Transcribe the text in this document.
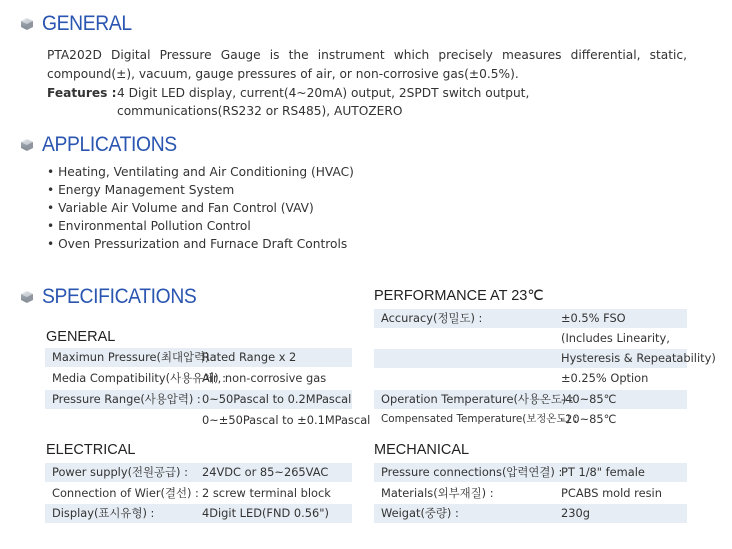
GENERAL
PTA202D Digital Pressure Gauge is the instrument which precisely measures differential, static,
compound(±), vacuum, gauge pressures of air, or non-corrosive gas(±0.5%).
Features : 4 Digit LED display, current(4~20mA) output, 2SPDT switch output,
communications(RS232 or RS485), AUTOZERO
APPLICATIONS
• Heating, Ventilating and Air Conditioning (HVAC)
• Energy Management System
• Variable Air Volume and Fan Control (VAV)
• Environmental Pollution Control
• Oven Pressurization and Furnace Draft Controls
SPECIFICATIONS
GENERAL
Maximun Pressure(최대압력) :
Rated Range x 2
Media Compatibility(사용유체) :
Air, non-corrosive gas
Pressure Range(사용압력) : 0~50Pascal to 0.2MPascal
0~±50Pascal to ±0.1MPascal
ELECTRICAL
Power supply(전원공급) : 24VDC or 85~265VAC
Connection of Wier(결선) : 2 screw terminal block
Display(표시유형) :	4Digit LED(FND 0.56")
PERFORMANCE AT 23℃
Accuracy(정밀도) :	±0.5% FSO
(Includes Linearity,
Hysteresis & Repeatability)
±0.25% Option
Operation Temperature(사용온도) :
-40~85℃
Compensated Temperature(보정온도) :
-20~85℃
MECHANICAL
Pressure connections(압력연결) :
PT 1/8" female
Materials(외부재질) :	PCABS mold resin
Weigat(중량) :	230g
